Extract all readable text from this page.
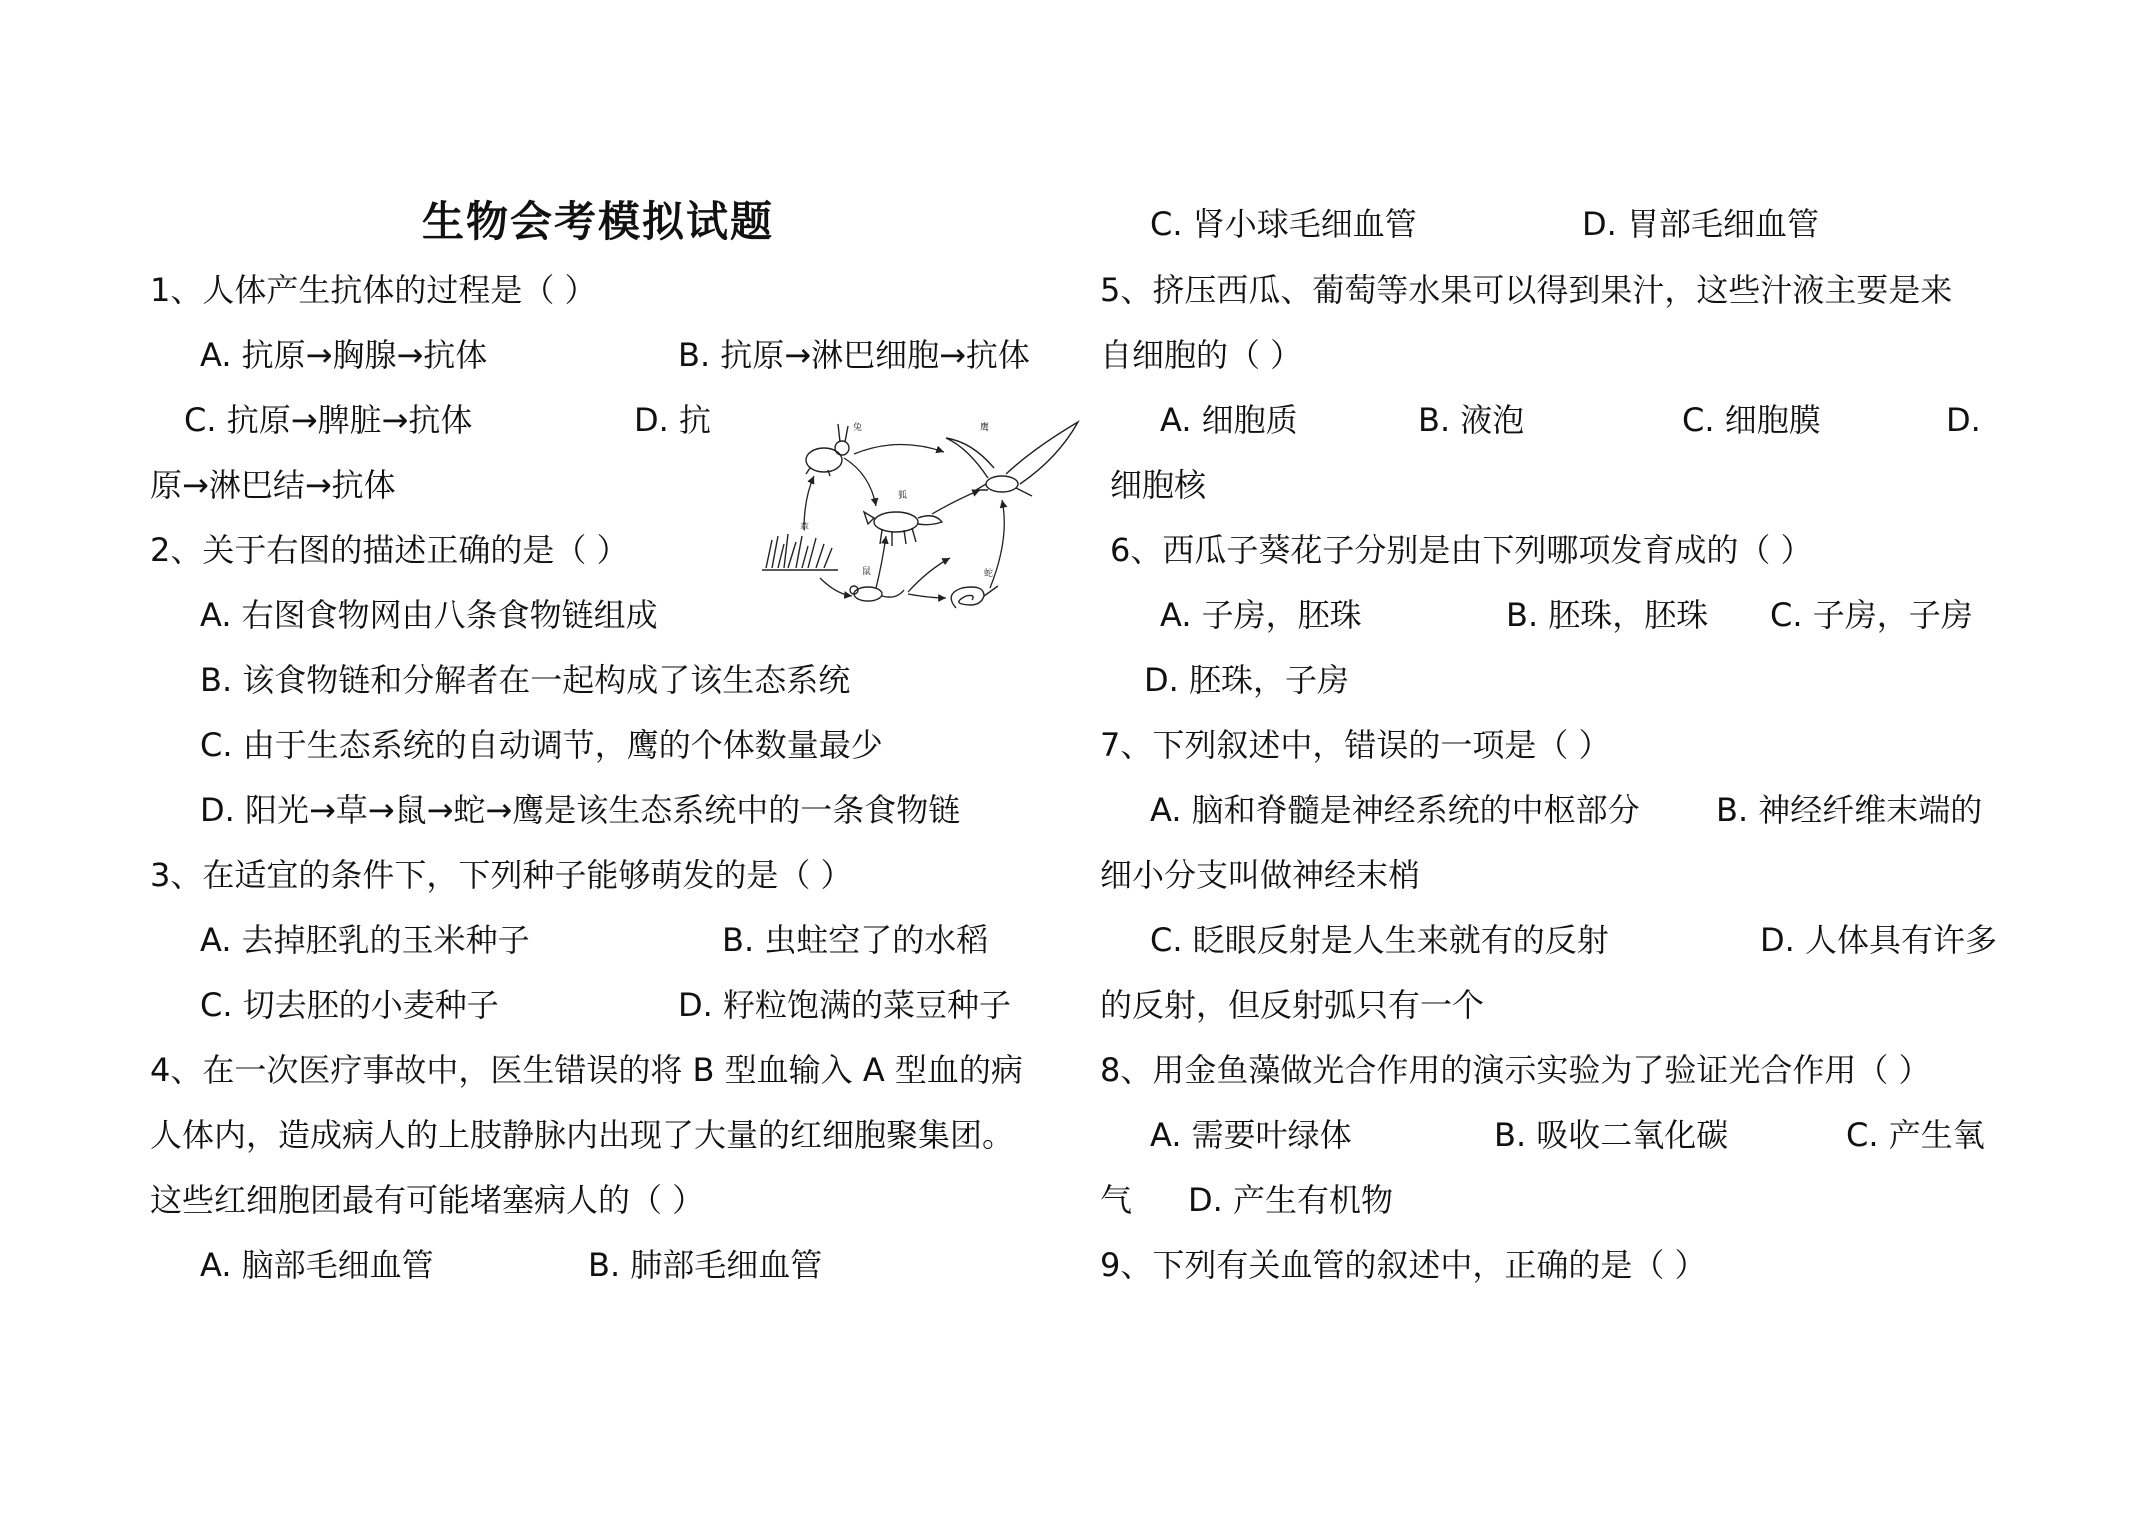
生物会考模拟试题
1、人体产生抗体的过程是（ ）
A. 抗原→胸腺→抗体	B. 抗原→淋巴细胞→抗体
C. 抗原→脾脏→抗体	D. 抗
原→淋巴结→抗体
2、关于右图的描述正确的是（ ）
A. 右图食物网由八条食物链组成
B. 该食物链和分解者在一起构成了该生态系统
C. 由于生态系统的自动调节，鹰的个体数量最少
D. 阳光→草→鼠→蛇→鹰是该生态系统中的一条食物链
3、在适宜的条件下，下列种子能够萌发的是（ ）
A. 去掉胚乳的玉米种子	B. 虫蛀空了的水稻
C. 切去胚的小麦种子	D. 籽粒饱满的菜豆种子
4、在一次医疗事故中，医生错误的将 B 型血输入 A 型血的病
人体内，造成病人的上肢静脉内出现了大量的红细胞聚集团。
这些红细胞团最有可能堵塞病人的（ ）
A. 脑部毛细血管	B. 肺部毛细血管
C. 肾小球毛细血管	D. 胃部毛细血管
5、挤压西瓜、葡萄等水果可以得到果汁，这些汁液主要是来
自细胞的（ ）
A. 细胞质	B. 液泡	C. 细胞膜	D.
细胞核
6、西瓜子葵花子分别是由下列哪项发育成的（ ）
A. 子房，胚珠	B. 胚珠，胚珠 C. 子房，子房
D. 胚珠，子房
7、下列叙述中，错误的一项是（ ）
A. 脑和脊髓是神经系统的中枢部分 B. 神经纤维末端的
细小分支叫做神经末梢
C. 眨眼反射是人生来就有的反射	D. 人体具有许多
的反射，但反射弧只有一个
8、用金鱼藻做光合作用的演示实验为了验证光合作用（ ）
A. 需要叶绿体	B. 吸收二氧化碳	C. 产生氧
气 D. 产生有机物
9、下列有关血管的叙述中，正确的是（ ）
草
兔
狐
鹰
鼠	蛇
